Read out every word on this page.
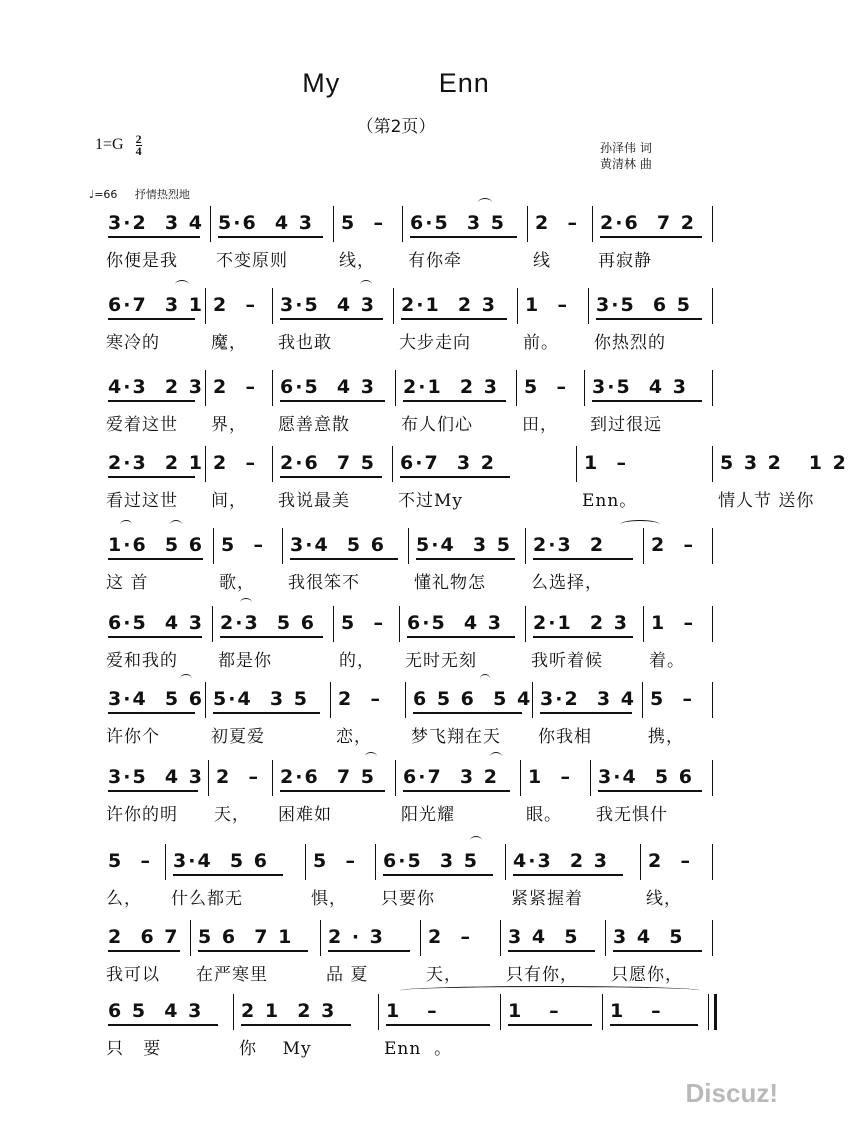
My Enn
（第2页）
$1=G \frac{2}{4}$	孙泽伟 词
黄清林 曲
♩=66 抒情热烈地
3·2  3 4
你便是我
5·6  4 3
不变原则
5  –
线，
6·5  3 5
有你牵
2  –
线
2·6  7 2
再寂静
6·7  3 1
寒冷的
2  –
魔，
3·5  4 3
我也敢
2·1  2 3
大步走向
1  –
前。
3·5  6 5
你热烈的
4·3  2 3
爱着这世
2  –
界，
6·5  4 3
愿善意散
2·1  2 3
布人们心
5  –
田，
3·5  4 3
到过很远
2·3  2 1
看过这世
2  –
间，
2·6  7 5
我说最美
6·7  3 2
不过My
1  –
Enn。
5 3 2   1 2
情人节 送你
1·6  5 6
这 首
5  –
歌，
3·4  5 6
我很笨不
5·4  3 5
懂礼物怎
2·3  2
么选择，
2  –
6·5  4 3
爱和我的
2·3  5 6
都是你
5  –
的，
6·5  4 3
无时无刻
2·1  2 3
我听着候
1  –
着。
3·4  5 6
许你个
5·4  3 5
初夏爱
2  –
恋，
6 5 6  5 4
梦飞翔在天
3·2  3 4
你我相
5  –
携，
3·5  4 3
许你的明
2  –
天，
2·6  7 5
困难如
6·7  3 2
阳光耀
1  –
眼。
3·4  5 6
我无惧什
5  –
么，
3·4  5 6
什么都无
5  –
惧，
6·5  3 5
只要你
4·3  2 3
紧紧握着
2  –
线，
2  6 7
我可以
5 6  7 1
在严寒里
2 · 3
品 夏
2  –
天，
3 4  5
只有你，
3 4  5
只愿你，
6 5  4 3
只   要
2 1  2 3
你    My
1   –
Enn  。
1   –	1   –
Discuz!
